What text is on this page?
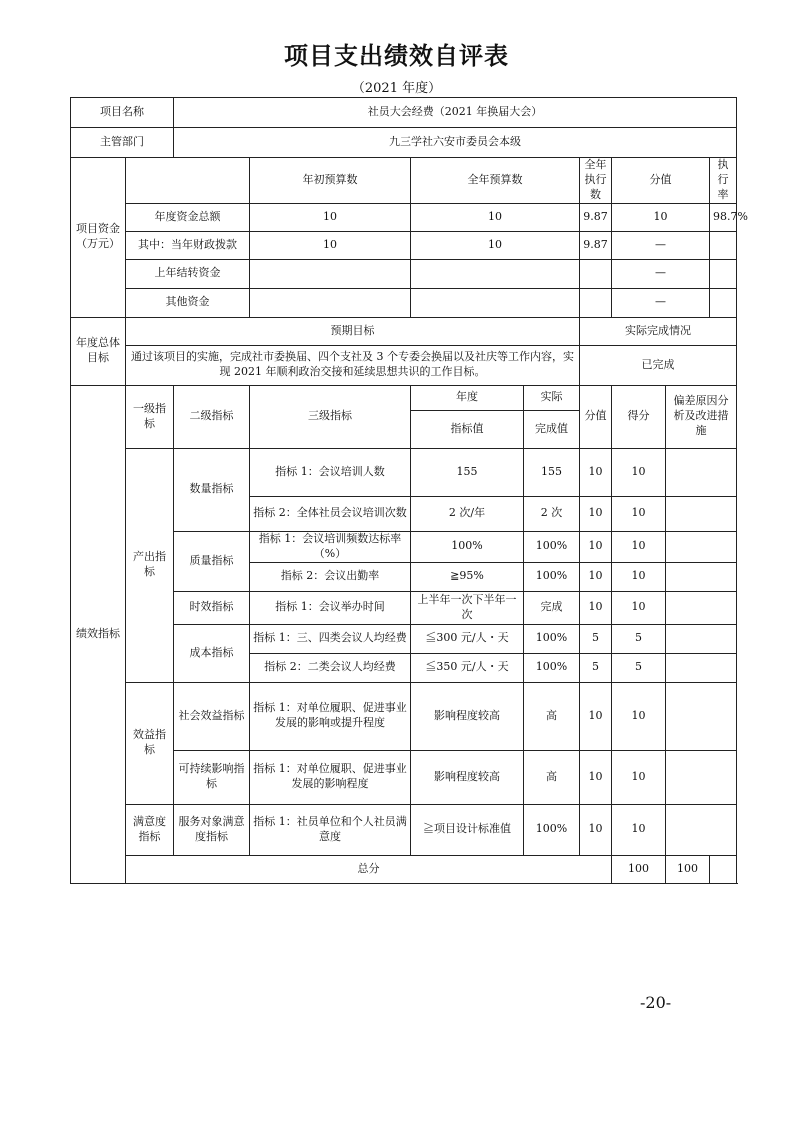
项目支出绩效自评表
（2021 年度）
项目名称		社员大会经费（2021 年换届大会）								
主管部门		九三学社六安市委员会本级								
项目资金（万元）			年初预算数	全年预算数		全年执行数	分值		执行率	
	年度资金总额		10	10		9.87	10		98.7%	
	其中：当年财政拨款		10	10		9.87	—		
	上年结转资金						—		
	其他资金						—		
年度总体目标	预期目标					实际完成情况				
	通过该项目的实施，完成社市委换届、四个支社及 3 个专委会换届以及社庆等工作内容，实现 2021 年顺利政治交接和延续思想共识的工作目标。					已完成				
绩效指标	一级指标	二级指标	三级指标	年度	实际	分值	得分	偏差原因分析及改进措施		
				指标值	完成值					
	产出指标	数量指标	指标 1：会议培训人数	155	155	10	10			
			指标 2：全体社员会议培训次数	2 次/年	2 次	10	10			
		质量指标	指标 1：会议培训频数达标率（%）	100%	100%	10	10			
			指标 2：会议出勤率	≧95%	100%	10	10			
		时效指标	指标 1：会议举办时间	上半年一次下半年一次	完成	10	10			
		成本指标	指标 1：三、四类会议人均经费	≦300 元/人・天	100%	5	5			
			指标 2：二类会议人均经费	≦350 元/人・天	100%	5	5			
	效益指标	社会效益指标	指标 1：对单位履职、促进事业发展的影响或提升程度	影响程度较高	高	10	10			
		可持续影响指标	指标 1：对单位履职、促进事业发展的影响程度	影响程度较高	高	10	10			
	满意度指标	服务对象满意度指标	指标 1：社员单位和个人社员满意度	≧项目设计标准值	100%	10	10			
	总分						100	100		
-20-
